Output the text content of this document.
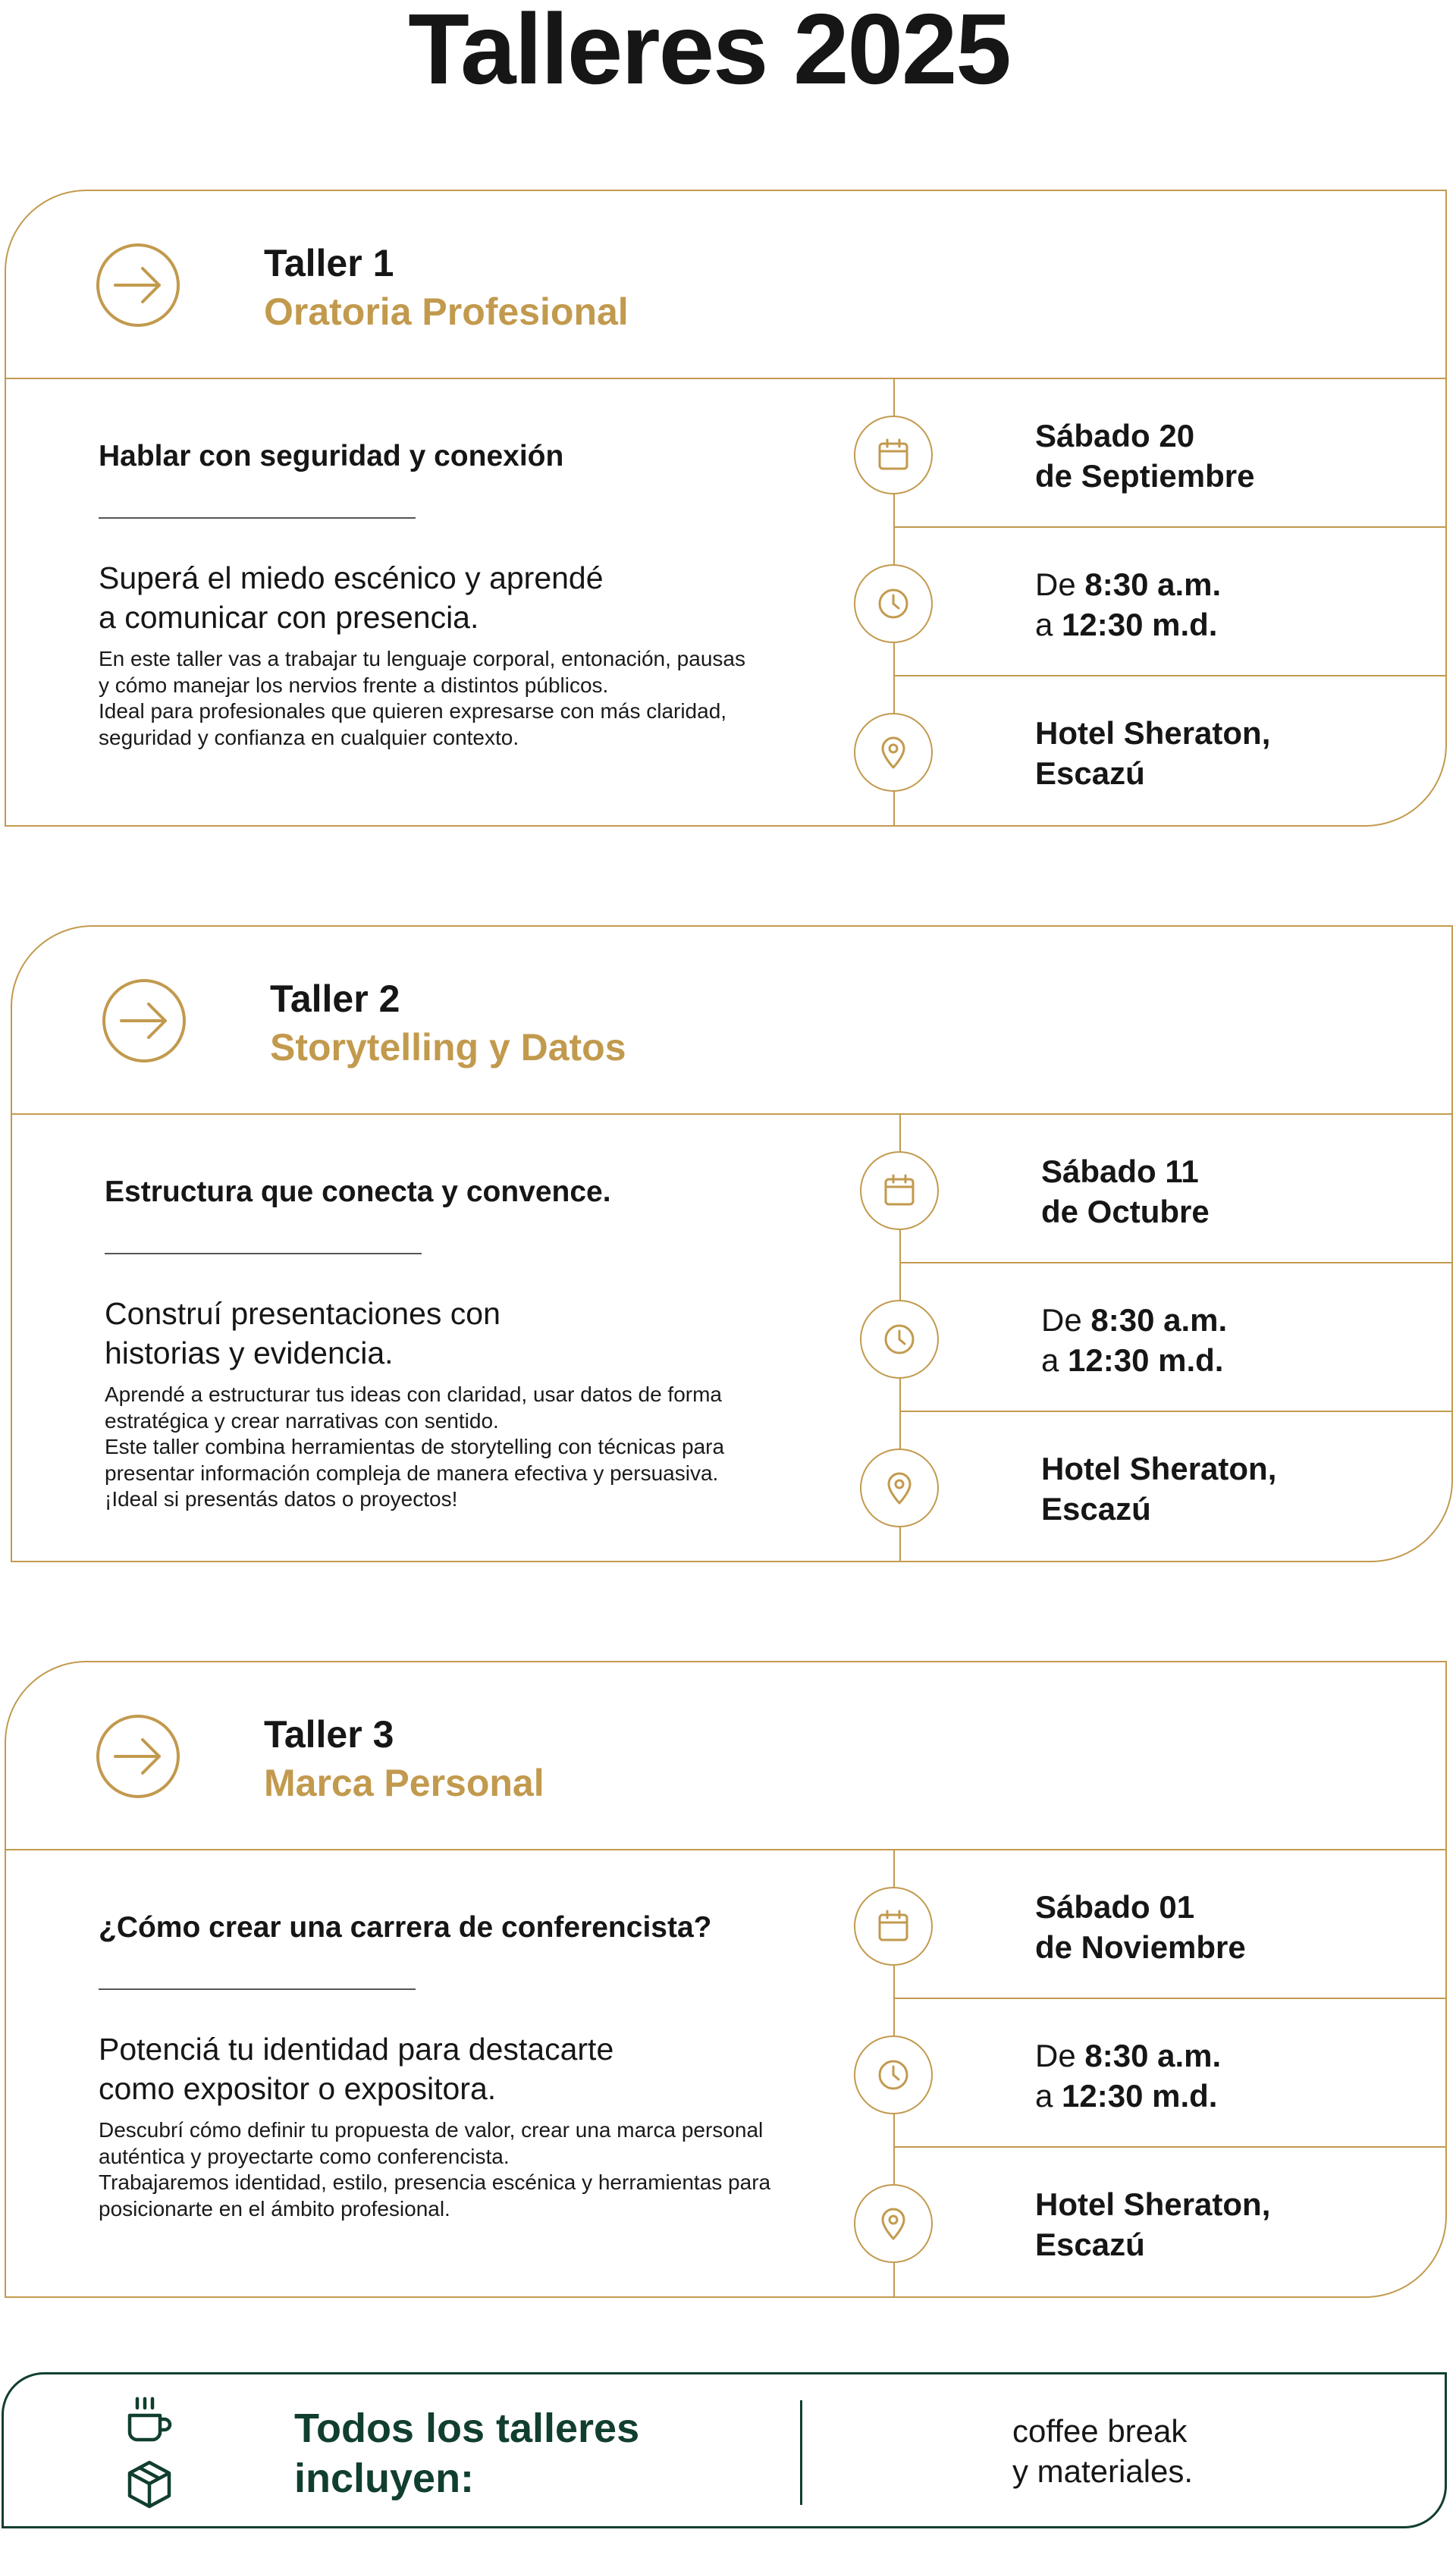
Talleres 2025
Taller 1
Oratoria Profesional
Hablar con seguridad y conexión
Superá el miedo escénico y aprendé
a comunicar con presencia.
En este taller vas a trabajar tu lenguaje corporal, entonación, pausas
y cómo manejar los nervios frente a distintos públicos.
Ideal para profesionales que quieren expresarse con más claridad,
seguridad y confianza en cualquier contexto.
Sábado 20
de Septiembre
De 8:30 a.m.
a 12:30 m.d.
Hotel Sheraton,
Escazú
Taller 2
Storytelling y Datos
Estructura que conecta y convence.
Construí presentaciones con
historias y evidencia.
Aprendé a estructurar tus ideas con claridad, usar datos de forma
estratégica y crear narrativas con sentido.
Este taller combina herramientas de storytelling con técnicas para
presentar información compleja de manera efectiva y persuasiva.
¡Ideal si presentás datos o proyectos!
Sábado 11
de Octubre
De 8:30 a.m.
a 12:30 m.d.
Hotel Sheraton,
Escazú
Taller 3
Marca Personal
¿Cómo crear una carrera de conferencista?
Potenciá tu identidad para destacarte
como expositor o expositora.
Descubrí cómo definir tu propuesta de valor, crear una marca personal
auténtica y proyectarte como conferencista.
Trabajaremos identidad, estilo, presencia escénica y herramientas para
posicionarte en el ámbito profesional.
Sábado 01
de Noviembre
De 8:30 a.m.
a 12:30 m.d.
Hotel Sheraton,
Escazú
Todos los talleres
incluyen:
coffee break
y materiales.
